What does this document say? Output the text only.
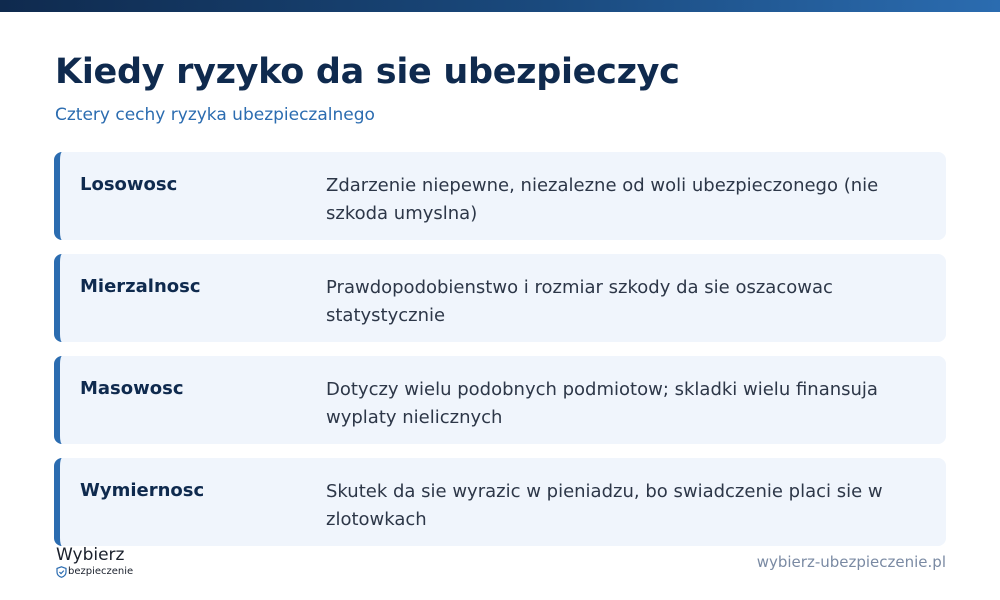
Kiedy ryzyko da sie ubezpieczyc

Cztery cechy ryzyka ubezpieczalnego

Losowosc	Zdarzenie niepewne, niezalezne od woli ubezpieczonego (nie szkoda umyslna)
Mierzalnosc	Prawdopodobienstwo i rozmiar szkody da sie oszacowac statystycznie
Masowosc	Dotyczy wielu podobnych podmiotow; skladki wielu finansuja wyplaty nielicznych
Wymiernosc	Skutek da sie wyrazic w pieniadzu, bo swiadczenie placi sie w zlotowkach
Wybierz
bezpieczenie
wybierz-ubezpieczenie.pl
